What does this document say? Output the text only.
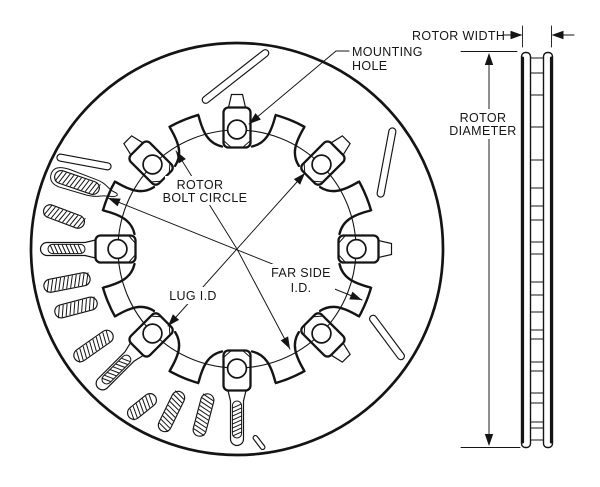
MOUNTING
HOLE
ROTOR
BOLT CIRCLE
FAR SIDE
I.D.
LUG I.D
ROTOR WIDTH
ROTOR
DIAMETER
